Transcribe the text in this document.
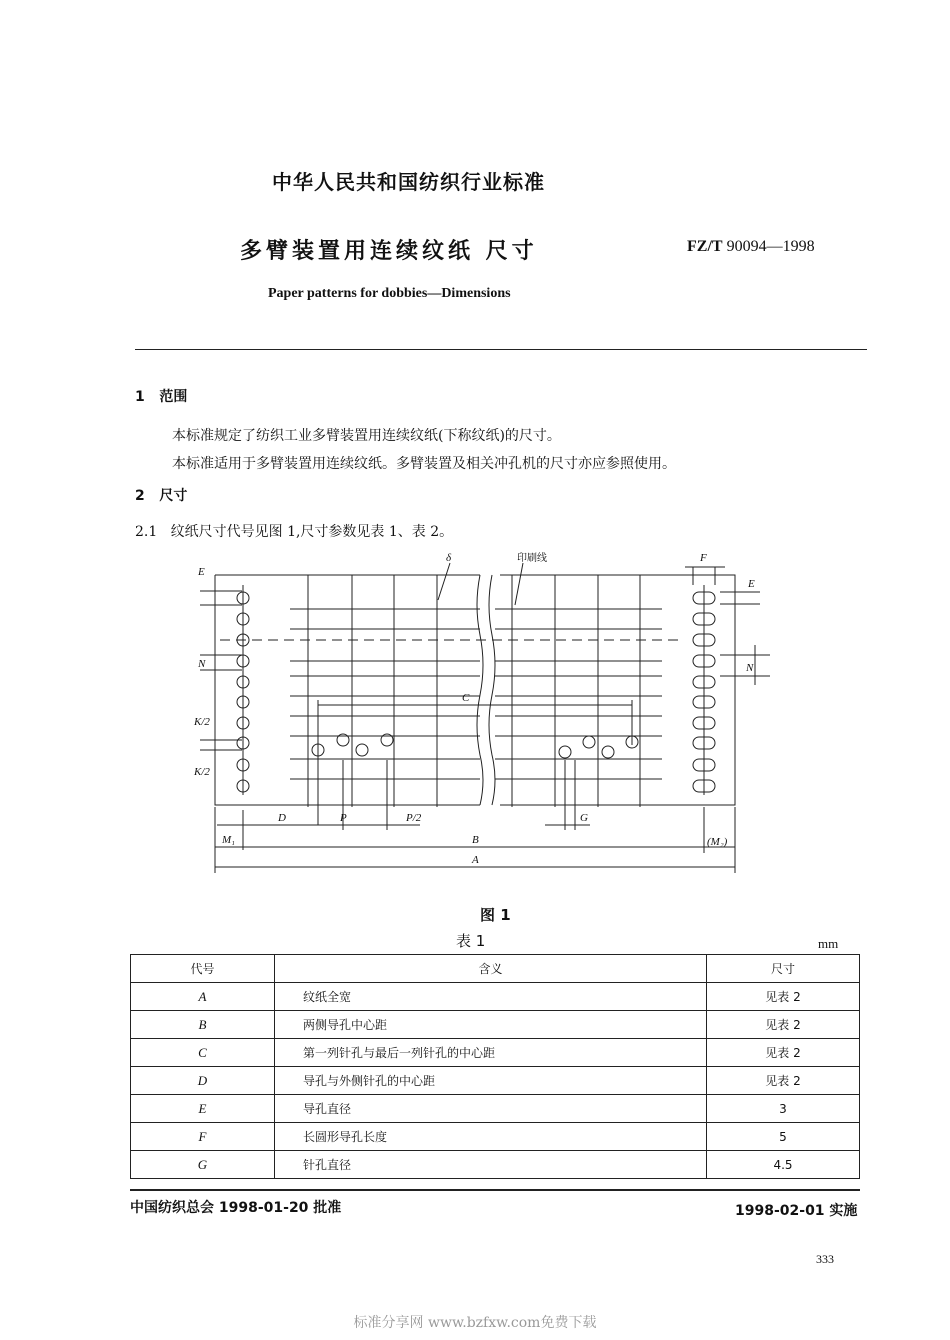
中华人民共和国纺织行业标准
多臂装置用连续纹纸 尺寸	FZ/T 90094—1998
Paper patterns for dobbies—Dimensions
1 范围
本标准规定了纺织工业多臂装置用连续纹纸(下称纹纸)的尺寸。
本标准适用于多臂装置用连续纹纸。多臂装置及相关冲孔机的尺寸亦应参照使用。
2 尺寸
2.1 纹纸尺寸代号见图 1,尺寸参数见表 1、表 2。
δ	印刷线	F
E
E
N	N
K/2
K/2
C
D	P	P/2	G
M₁	B	(M₂)
A
图 1
表 1	mm
代号	含义	尺寸
A	纹纸全宽	见表 2
B	两侧导孔中心距	见表 2
C	第一列针孔与最后一列针孔的中心距	见表 2
D	导孔与外侧针孔的中心距	见表 2
E	导孔直径	3
F	长圆形导孔长度	5
G	针孔直径	4.5
中国纺织总会 1998-01-20 批准	1998-02-01 实施
333
标准分享网 www.bzfxw.com免费下载
